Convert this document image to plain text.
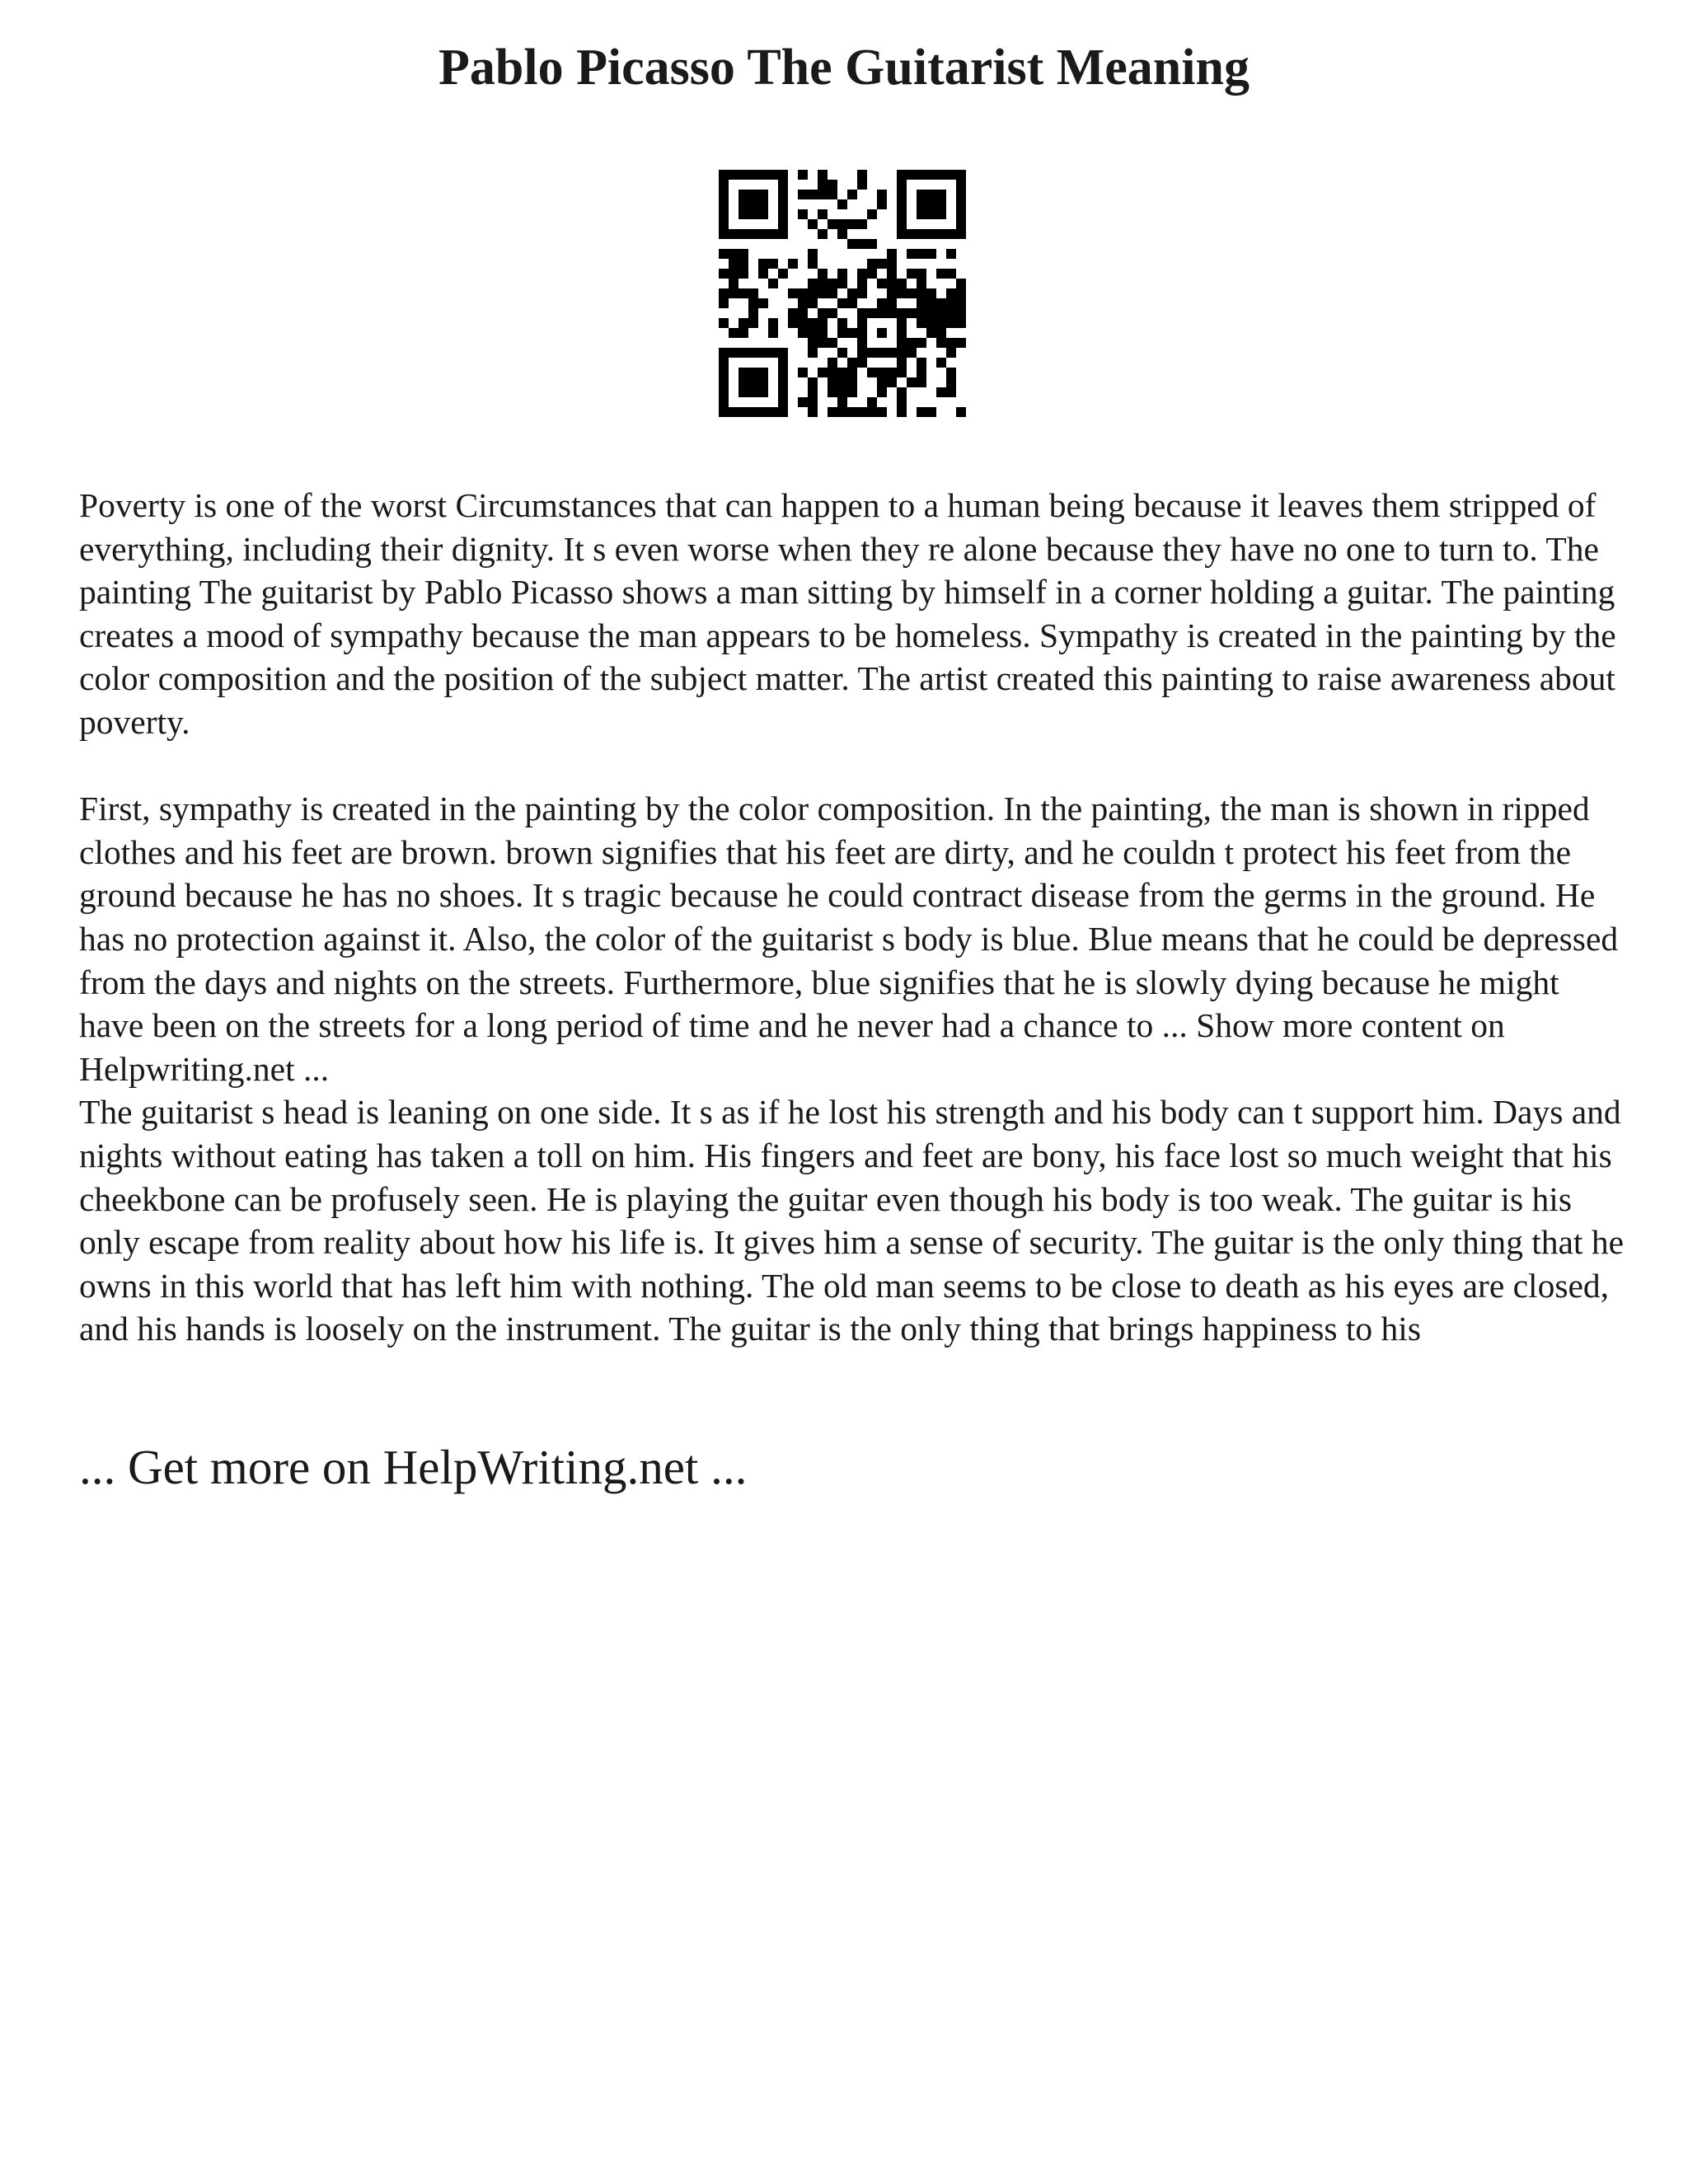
Pablo Picasso The Guitarist Meaning

Poverty is one of the worst Circumstances that can happen to a human being because it leaves them stripped of everything, including their dignity. It s even worse when they re alone because they have no one to turn to. The painting The guitarist by Pablo Picasso shows a man sitting by himself in a corner holding a guitar. The painting creates a mood of sympathy because the man appears to be homeless. Sympathy is created in the painting by the color composition and the position of the subject matter. The artist created this painting to raise awareness about poverty.

First, sympathy is created in the painting by the color composition. In the painting, the man is shown in ripped clothes and his feet are brown. brown signifies that his feet are dirty, and he couldn t protect his feet from the ground because he has no shoes. It s tragic because he could contract disease from the germs in the ground. He has no protection against it. Also, the color of the guitarist s body is blue. Blue means that he could be depressed from the days and nights on the streets. Furthermore, blue signifies that he is slowly dying because he might have been on the streets for a long period of time and he never had a chance to ... Show more content on Helpwriting.net ...

The guitarist s head is leaning on one side. It s as if he lost his strength and his body can t support him. Days and nights without eating has taken a toll on him. His fingers and feet are bony, his face lost so much weight that his cheekbone can be profusely seen. He is playing the guitar even though his body is too weak. The guitar is his only escape from reality about how his life is. It gives him a sense of security. The guitar is the only thing that he owns in this world that has left him with nothing. The old man seems to be close to death as his eyes are closed, and his hands is loosely on the instrument. The guitar is the only thing that brings happiness to his

... Get more on HelpWriting.net ...
